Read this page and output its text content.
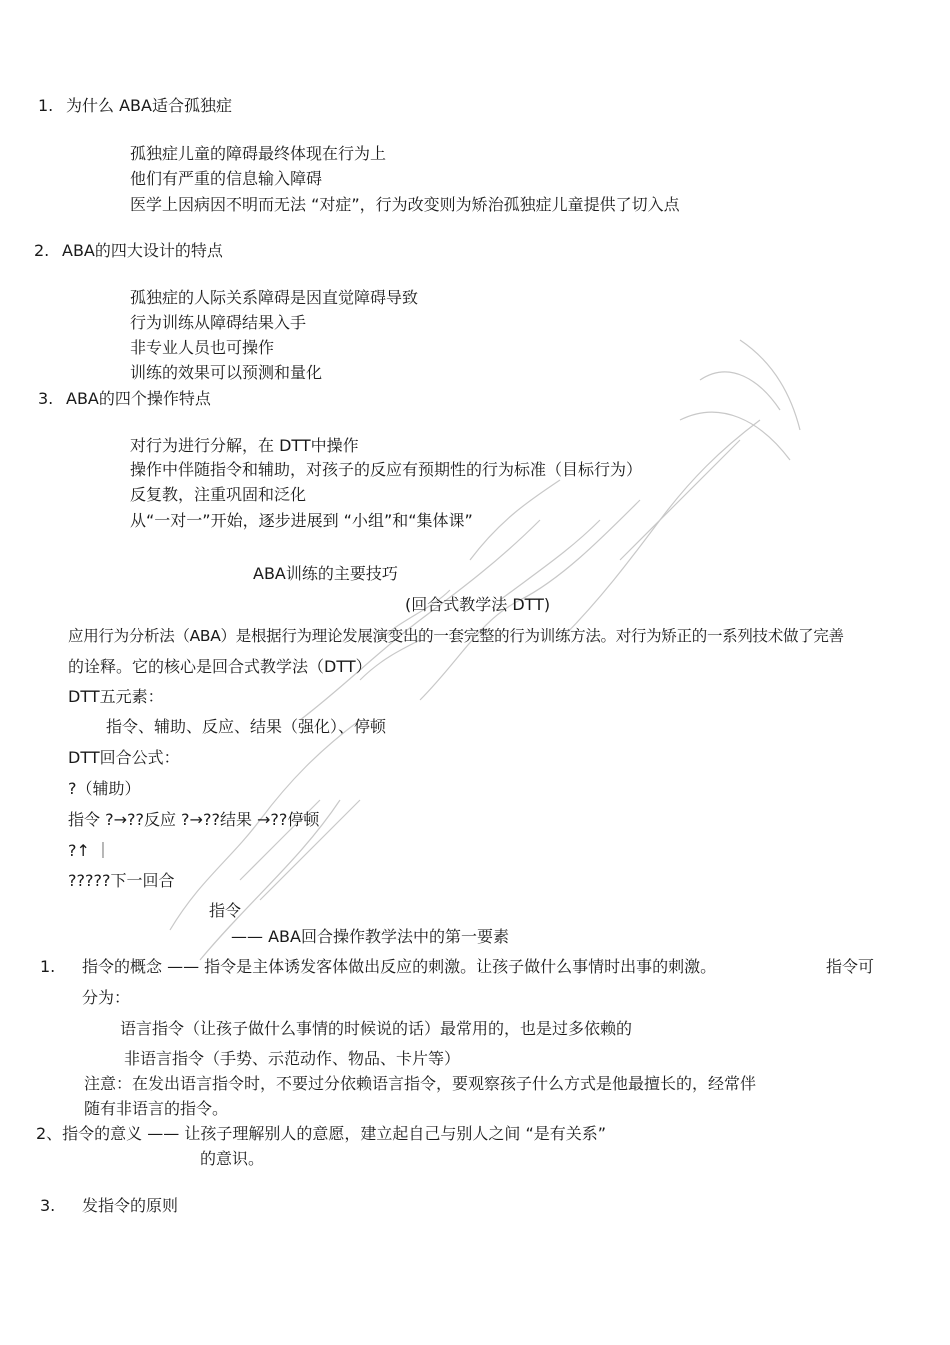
1. 为什么 ABA适合孤独症
孤独症儿童的障碍最终体现在行为上
他们有严重的信息输入障碍
医学上因病因不明而无法 “对症”，行为改变则为矫治孤独症儿童提供了切入点
2. ABA的四大设计的特点
孤独症的人际关系障碍是因直觉障碍导致
行为训练从障碍结果入手
非专业人员也可操作
训练的效果可以预测和量化
3. ABA的四个操作特点
对行为进行分解，在 DTT中操作
操作中伴随指令和辅助，对孩子的反应有预期性的行为标准（目标行为）
反复教，注重巩固和泛化
从“一对一”开始，逐步进展到 “小组”和“集体课”
ABA训练的主要技巧
(回合式教学法 DTT)
应用行为分析法（ABA）是根据行为理论发展演变出的一套完整的行为训练方法。对行为矫正的一系列技术做了完善
的诠释。它的核心是回合式教学法（DTT）
DTT五元素：
指令、辅助、反应、结果（强化）、停顿
DTT回合公式：
?（辅助）
指令 ?→??反应 ?→??结果 →??停顿
?↑ ｜
?????下一回合
指令
—— ABA回合操作教学法中的第一要素
1. 指令的概念 —— 指令是主体诱发客体做出反应的刺激。让孩子做什么事情时出事的刺激。	指令可
分为：
语言指令（让孩子做什么事情的时候说的话）最常用的，也是过多依赖的
非语言指令（手势、示范动作、物品、卡片等）
注意：在发出语言指令时，不要过分依赖语言指令，要观察孩子什么方式是他最擅长的，经常伴
随有非语言的指令。
2、指令的意义 —— 让孩子理解别人的意愿，建立起自己与别人之间 “是有关系”
的意识。
3. 发指令的原则
